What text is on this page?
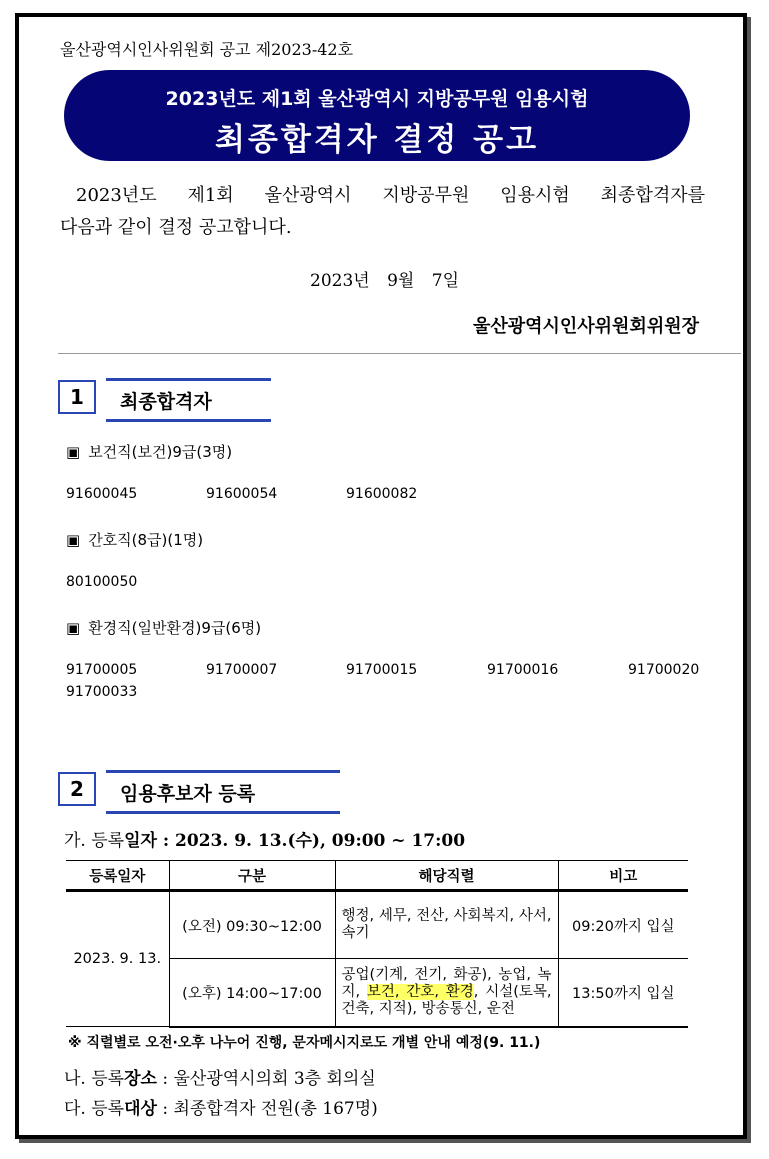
울산광역시인사위원회 공고 제2023-42호
2023년도 제1회 울산광역시 지방공무원 임용시험
최종합격자 결정 공고
2023년도 제1회 울산광역시 지방공무원 임용시험 최종합격자를
다음과 같이 결정 공고합니다.
2023년 9월 7일
울산광역시인사위원회위원장
1	최종합격자
▣ 보건직(보건)9급(3명)
91600045	91600054	91600082
▣ 간호직(8급)(1명)
80100050
▣ 환경직(일반환경)9급(6명)
91700005	91700007	91700015	91700016	91700020
91700033
2	임용후보자 등록
가. 등록일자 : 2023. 9. 13.(수), 09:00 ~ 17:00
등록일자	구분	해당직렬	비고
2023. 9. 13.	(오전) 09:30~12:00	행정, 세무, 전산, 사회복지, 사서, 속기	09:20까지 입실
	(오후) 14:00~17:00	공업(기계, 전기, 화공), 농업, 녹지, 보건, 간호, 환경, 시설(토목, 건축, 지적), 방송통신, 운전	13:50까지 입실
※ 직렬별로 오전·오후 나누어 진행, 문자메시지로도 개별 안내 예정(9. 11.)
나. 등록장소 : 울산광역시의회 3층 회의실
다. 등록대상 : 최종합격자 전원(총 167명)
